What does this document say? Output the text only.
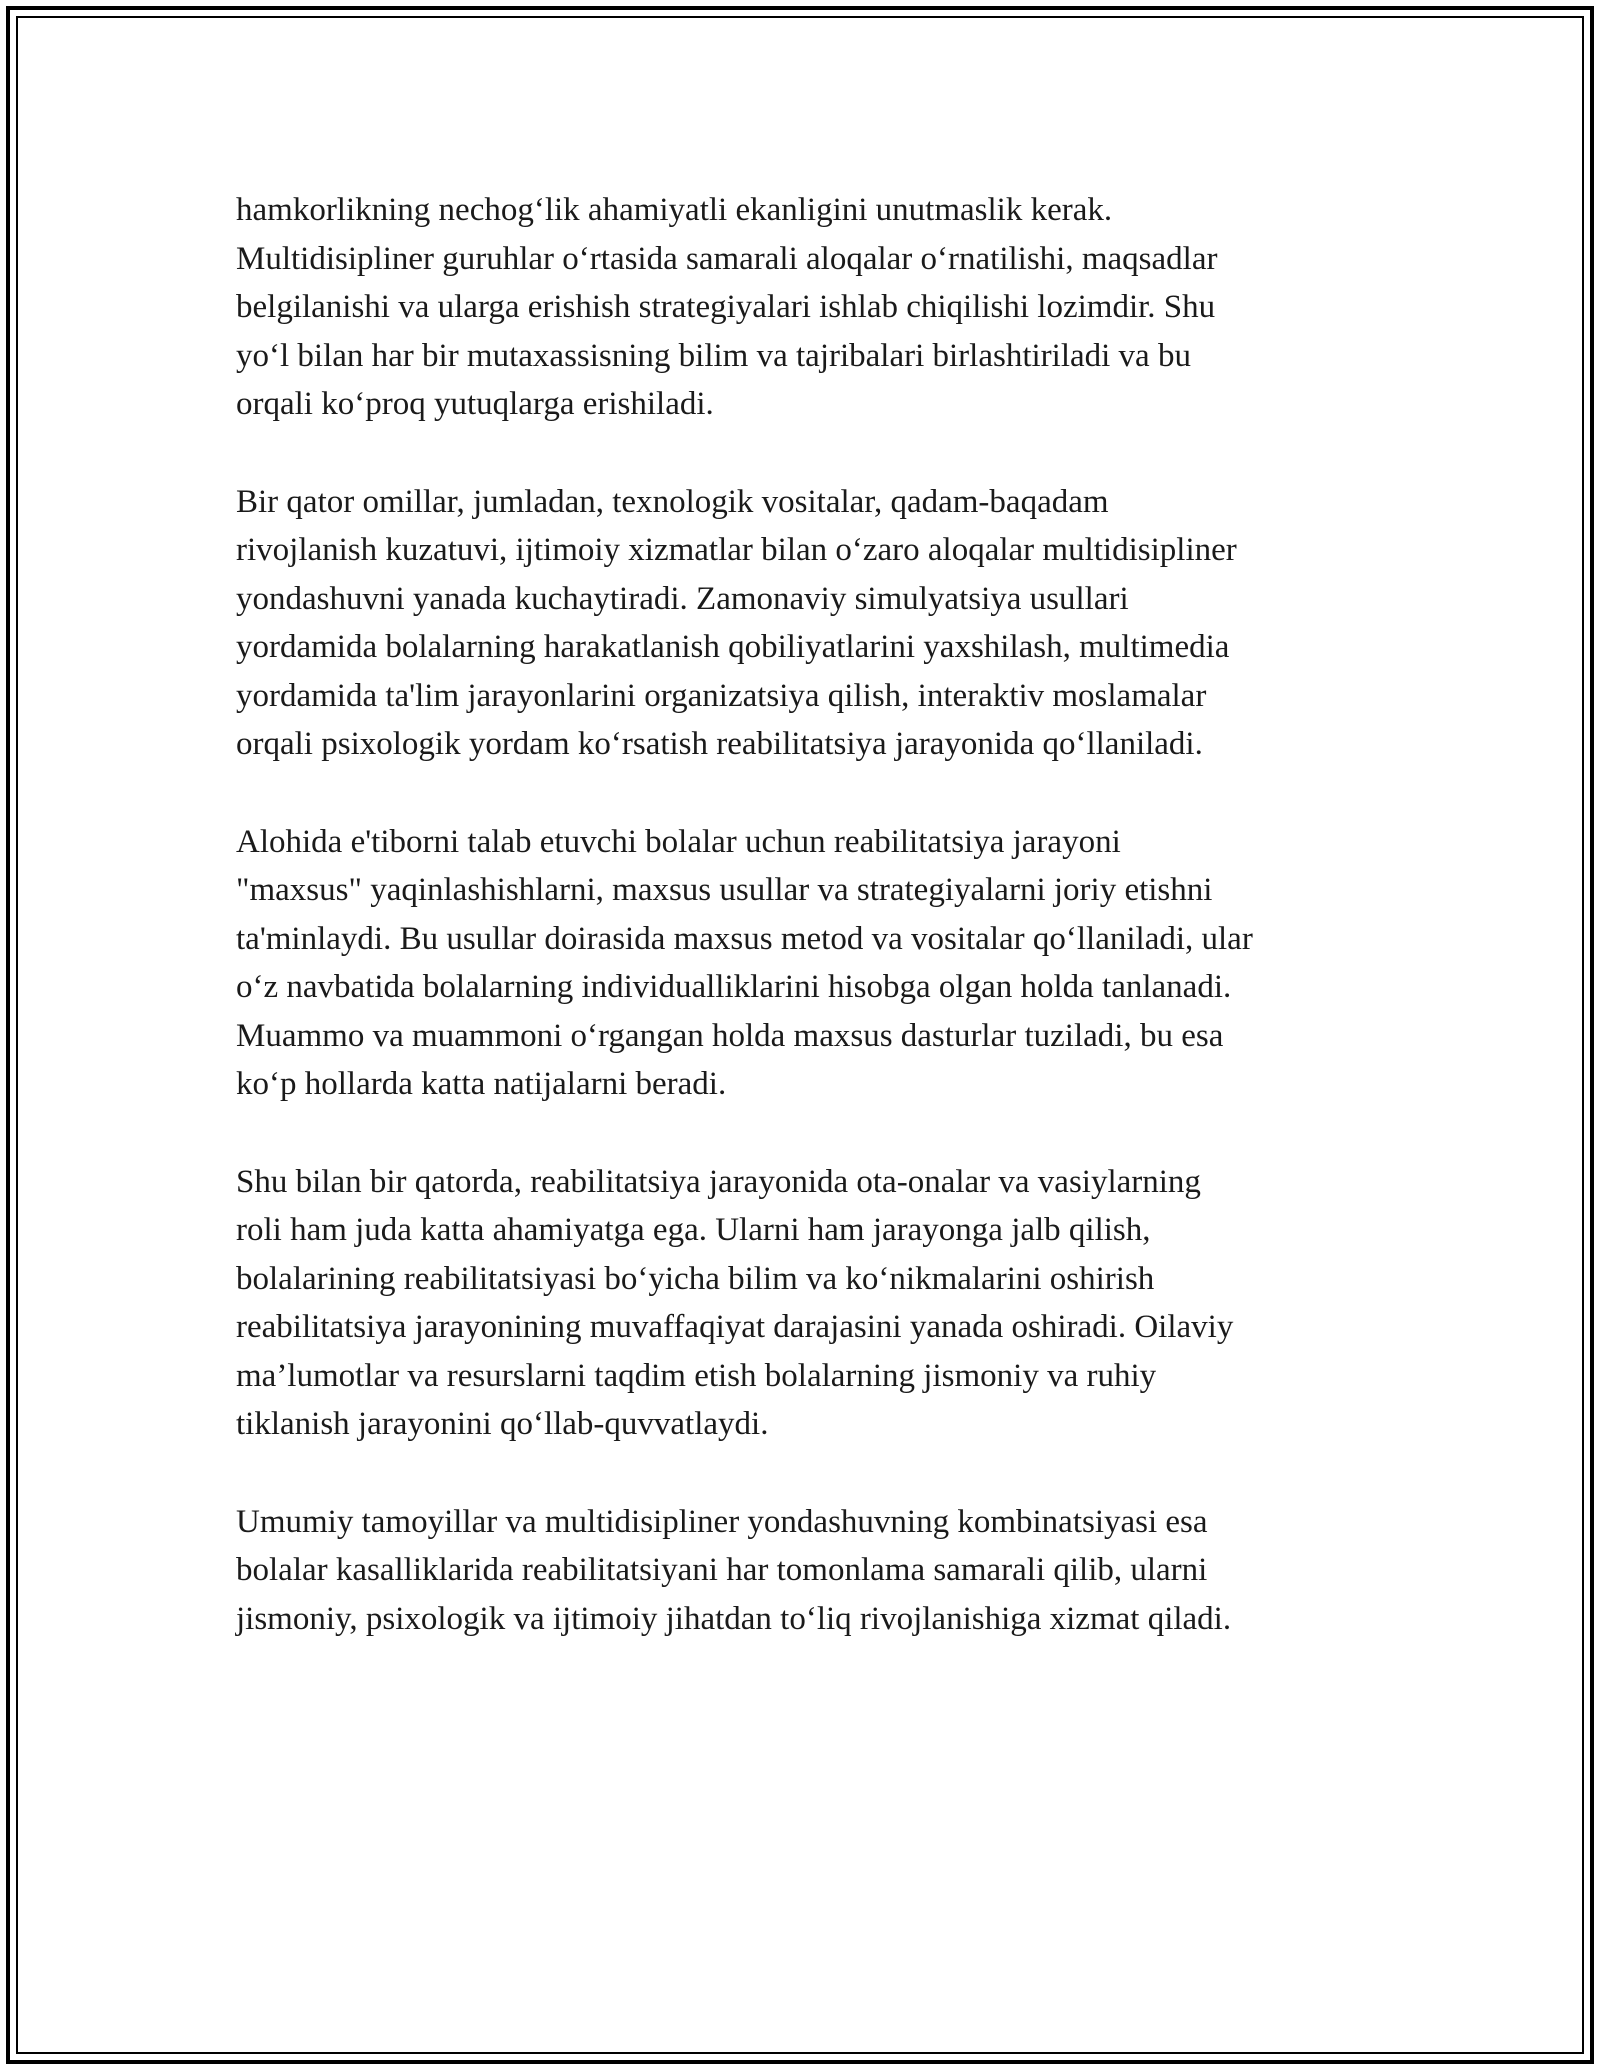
hamkorlikning nechog‘lik ahamiyatli ekanligini unutmaslik kerak.
Multidisipliner guruhlar o‘rtasida samarali aloqalar o‘rnatilishi, maqsadlar
belgilanishi va ularga erishish strategiyalari ishlab chiqilishi lozimdir. Shu
yo‘l bilan har bir mutaxassisning bilim va tajribalari birlashtiriladi va bu
orqali ko‘proq yutuqlarga erishiladi.

Bir qator omillar, jumladan, texnologik vositalar, qadam-baqadam
rivojlanish kuzatuvi, ijtimoiy xizmatlar bilan o‘zaro aloqalar multidisipliner
yondashuvni yanada kuchaytiradi. Zamonaviy simulyatsiya usullari
yordamida bolalarning harakatlanish qobiliyatlarini yaxshilash, multimedia
yordamida ta'lim jarayonlarini organizatsiya qilish, interaktiv moslamalar
orqali psixologik yordam ko‘rsatish reabilitatsiya jarayonida qo‘llaniladi.

Alohida e'tiborni talab etuvchi bolalar uchun reabilitatsiya jarayoni
"maxsus" yaqinlashishlarni, maxsus usullar va strategiyalarni joriy etishni
ta'minlaydi. Bu usullar doirasida maxsus metod va vositalar qo‘llaniladi, ular
o‘z navbatida bolalarning individualliklarini hisobga olgan holda tanlanadi.
Muammo va muammoni o‘rgangan holda maxsus dasturlar tuziladi, bu esa
ko‘p hollarda katta natijalarni beradi.

Shu bilan bir qatorda, reabilitatsiya jarayonida ota-onalar va vasiylarning
roli ham juda katta ahamiyatga ega. Ularni ham jarayonga jalb qilish,
bolalarining reabilitatsiyasi bo‘yicha bilim va ko‘nikmalarini oshirish
reabilitatsiya jarayonining muvaffaqiyat darajasini yanada oshiradi. Oilaviy
ma’lumotlar va resurslarni taqdim etish bolalarning jismoniy va ruhiy
tiklanish jarayonini qo‘llab-quvvatlaydi.

Umumiy tamoyillar va multidisipliner yondashuvning kombinatsiyasi esa
bolalar kasalliklarida reabilitatsiyani har tomonlama samarali qilib, ularni
jismoniy, psixologik va ijtimoiy jihatdan to‘liq rivojlanishiga xizmat qiladi.
